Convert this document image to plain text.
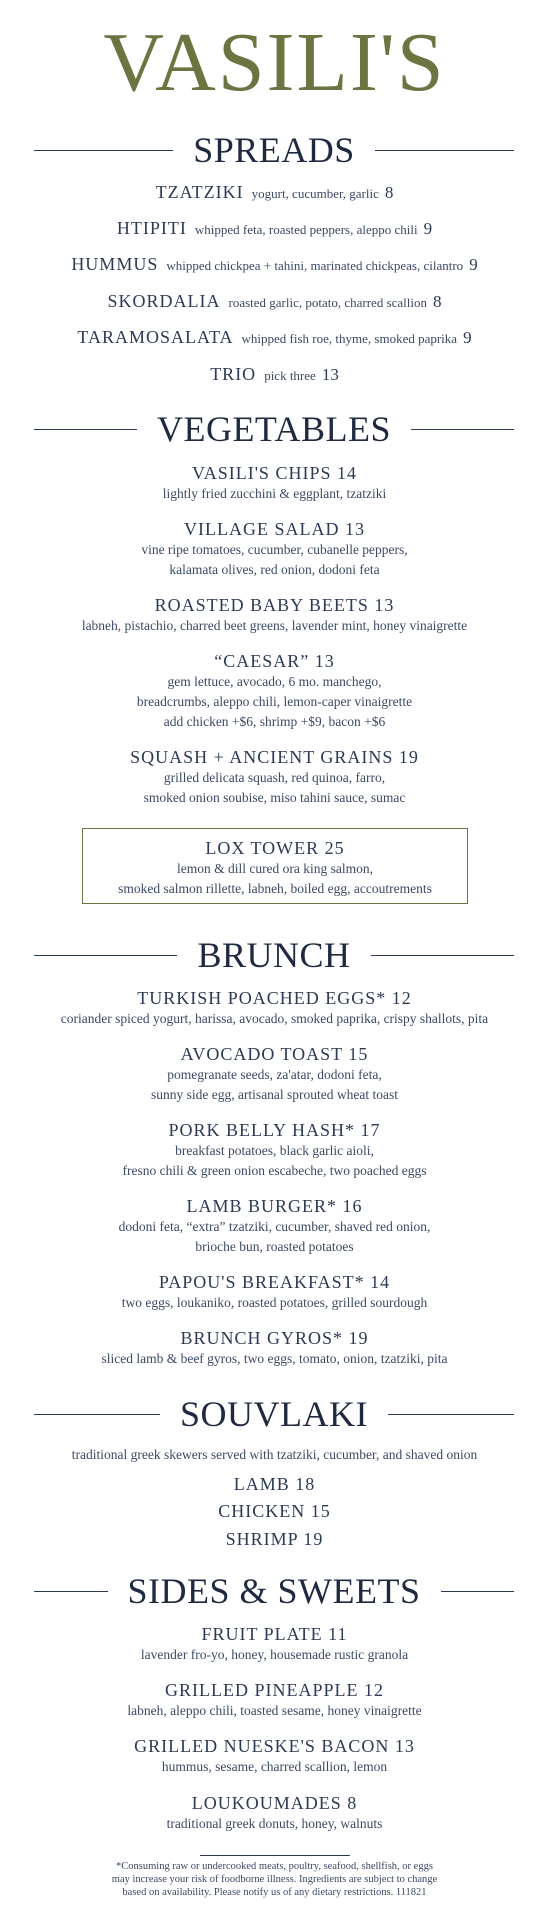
VASILI'S
SPREADS
TZATZIKI yogurt, cucumber, garlic 8
HTIPITI whipped feta, roasted peppers, aleppo chili 9
HUMMUS whipped chickpea + tahini, marinated chickpeas, cilantro 9
SKORDALIA roasted garlic, potato, charred scallion 8
TARAMOSALATA whipped fish roe, thyme, smoked paprika 9
TRIO pick three 13
VEGETABLES
VASILI'S CHIPS 14
lightly fried zucchini & eggplant, tzatziki
VILLAGE SALAD 13
vine ripe tomatoes, cucumber, cubanelle peppers,
kalamata olives, red onion, dodoni feta
ROASTED BABY BEETS 13
labneh, pistachio, charred beet greens, lavender mint, honey vinaigrette
“CAESAR” 13
gem lettuce, avocado, 6 mo. manchego,
breadcrumbs, aleppo chili, lemon-caper vinaigrette
add chicken +$6, shrimp +$9, bacon +$6
SQUASH + ANCIENT GRAINS 19
grilled delicata squash, red quinoa, farro,
smoked onion soubise, miso tahini sauce, sumac
LOX TOWER 25
lemon & dill cured ora king salmon,
smoked salmon rillette, labneh, boiled egg, accoutrements
BRUNCH
TURKISH POACHED EGGS* 12
coriander spiced yogurt, harissa, avocado, smoked paprika, crispy shallots, pita
AVOCADO TOAST 15
pomegranate seeds, za'atar, dodoni feta,
sunny side egg, artisanal sprouted wheat toast
PORK BELLY HASH* 17
breakfast potatoes, black garlic aioli,
fresno chili & green onion escabeche, two poached eggs
LAMB BURGER* 16
dodoni feta, “extra” tzatziki, cucumber, shaved red onion,
brioche bun, roasted potatoes
PAPOU'S BREAKFAST* 14
two eggs, loukaniko, roasted potatoes, grilled sourdough
BRUNCH GYROS* 19
sliced lamb & beef gyros, two eggs, tomato, onion, tzatziki, pita
SOUVLAKI
traditional greek skewers served with tzatziki, cucumber, and shaved onion
LAMB 18
CHICKEN 15
SHRIMP 19
SIDES & SWEETS
FRUIT PLATE 11
lavender fro-yo, honey, housemade rustic granola
GRILLED PINEAPPLE 12
labneh, aleppo chili, toasted sesame, honey vinaigrette
GRILLED NUESKE'S BACON 13
hummus, sesame, charred scallion, lemon
LOUKOUMADES 8
traditional greek donuts, honey, walnuts
*Consuming raw or undercooked meats, poultry, seafood, shellfish, or eggs
may increase your risk of foodborne illness. Ingredients are subject to change
based on availability. Please notify us of any dietary restrictions. 111821
